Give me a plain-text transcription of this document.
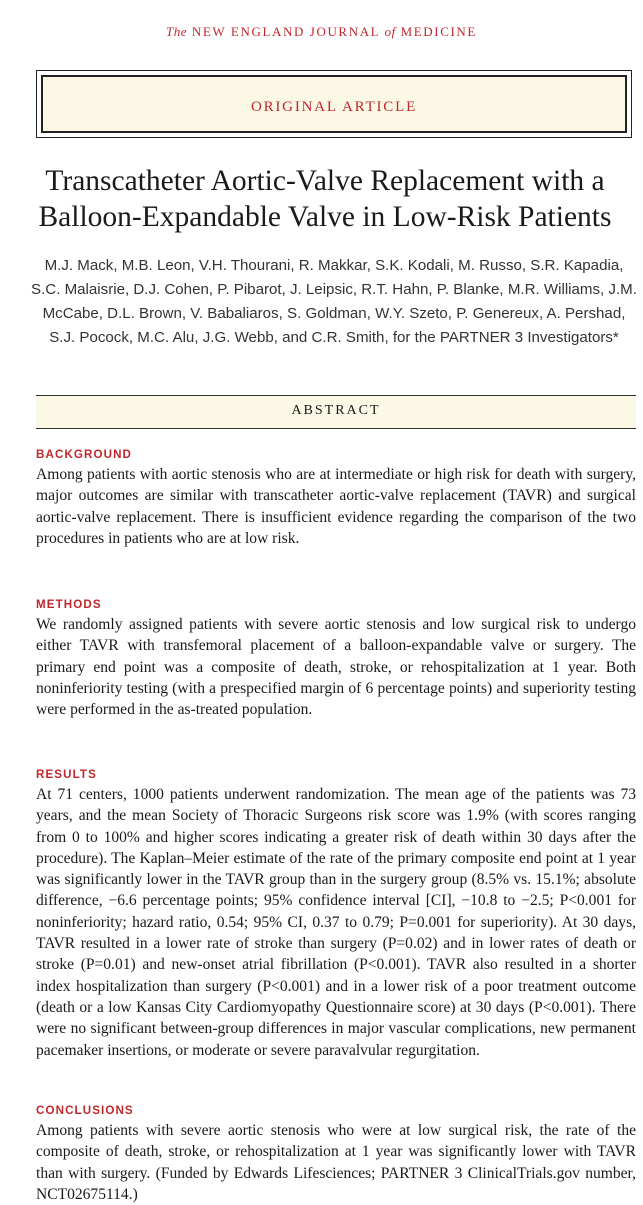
The NEW ENGLAND JOURNAL of MEDICINE
ORIGINAL ARTICLE
Transcatheter Aortic-Valve Replacement with a Balloon-Expandable Valve in Low-Risk Patients
M.J. Mack, M.B. Leon, V.H. Thourani, R. Makkar, S.K. Kodali, M. Russo, S.R. Kapadia, S.C. Malaisrie, D.J. Cohen, P. Pibarot, J. Leipsic, R.T. Hahn, P. Blanke, M.R. Williams, J.M. McCabe, D.L. Brown, V. Babaliaros, S. Goldman, W.Y. Szeto, P. Genereux, A. Pershad, S.J. Pocock, M.C. Alu, J.G. Webb, and C.R. Smith, for the PARTNER 3 Investigators*
ABSTRACT
BACKGROUND

Among patients with aortic stenosis who are at intermediate or high risk for death with surgery, major outcomes are similar with transcatheter aortic-valve replacement (TAVR) and surgical aortic-valve replacement. There is insufficient evidence regarding the comparison of the two procedures in patients who are at low risk.

METHODS

We randomly assigned patients with severe aortic stenosis and low surgical risk to undergo either TAVR with transfemoral placement of a balloon-expandable valve or surgery. The primary end point was a composite of death, stroke, or rehospitalization at 1 year. Both noninferiority testing (with a prespecified margin of 6 percentage points) and superiority testing were performed in the as-treated population.

RESULTS

At 71 centers, 1000 patients underwent randomization. The mean age of the patients was 73 years, and the mean Society of Thoracic Surgeons risk score was 1.9% (with scores ranging from 0 to 100% and higher scores indicating a greater risk of death within 30 days after the procedure). The Kaplan–Meier estimate of the rate of the primary composite end point at 1 year was significantly lower in the TAVR group than in the surgery group (8.5% vs. 15.1%; absolute difference, −6.6 percentage points; 95% confidence interval [CI], −10.8 to −2.5; P<0.001 for noninferiority; hazard ratio, 0.54; 95% CI, 0.37 to 0.79; P=0.001 for superiority). At 30 days, TAVR resulted in a lower rate of stroke than surgery (P=0.02) and in lower rates of death or stroke (P=0.01) and new-onset atrial fibrillation (P<0.001). TAVR also resulted in a shorter index hospitalization than surgery (P<0.001) and in a lower risk of a poor treatment outcome (death or a low Kansas City Cardiomyopathy Questionnaire score) at 30 days (P<0.001). There were no significant between-group differences in major vascular complications, new permanent pacemaker insertions, or moderate or severe paravalvular regurgitation.

CONCLUSIONS

Among patients with severe aortic stenosis who were at low surgical risk, the rate of the composite of death, stroke, or rehospitalization at 1 year was significantly lower with TAVR than with surgery. (Funded by Edwards Lifesciences; PARTNER 3 ClinicalTrials.gov number, NCT02675114.)
